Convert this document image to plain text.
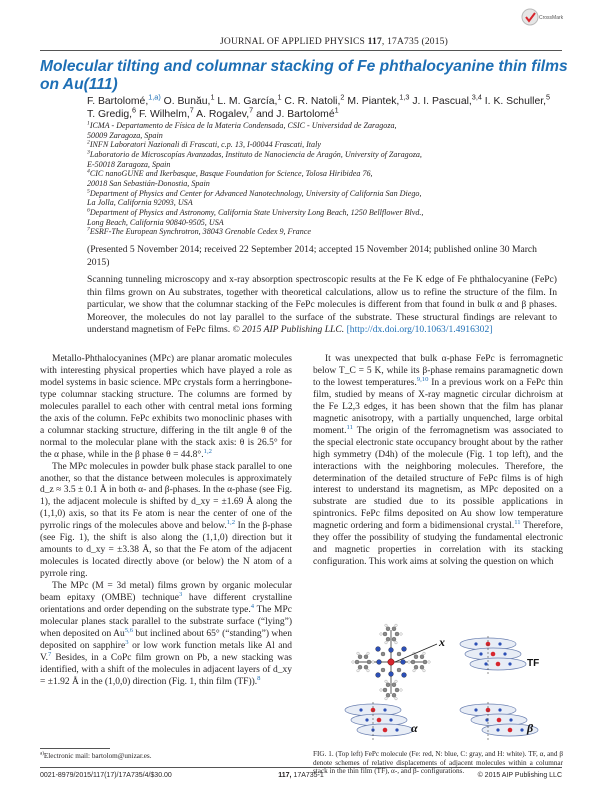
CrossMark
JOURNAL OF APPLIED PHYSICS 117, 17A735 (2015)
Molecular tilting and columnar stacking of Fe phthalocyanine thin films on Au(111)
F. Bartolomé,$^{1,a)}$ O. Bunău,$^1$ L. M. García,$^1$ C. R. Natoli,$^2$ M. Piantek,$^{1,3}$ J. I. Pascual,$^{3,4}$ I. K. Schuller,$^5$ T. Gredig,$^6$ F. Wilhelm,$^7$ A. Rogalev,$^7$ and J. Bartolomé$^1$
$^1$ICMA - Departamento de Física de la Materia Condensada, CSIC - Universidad de Zaragoza,
50009 Zaragoza, Spain
$^2$INFN Laboratori Nazionali di Frascati, c.p. 13, I-00044 Frascati, Italy
$^3$Laboratorio de Microscopías Avanzadas, Instituto de Nanociencia de Aragón, University of Zaragoza,
E-50018 Zaragoza, Spain
$^4$CIC nanoGUNE and Ikerbasque, Basque Foundation for Science, Tolosa Hiribidea 76,
20018 San Sebastián-Donostia, Spain
$^5$Department of Physics and Center for Advanced Nanotechnology, University of California San Diego,
La Jolla, California 92093, USA
$^6$Department of Physics and Astronomy, California State University Long Beach, 1250 Bellflower Blvd.,
Long Beach, California 90840-9505, USA
$^7$ESRF-The European Synchrotron, 38043 Grenoble Cedex 9, France
(Presented 5 November 2014; received 22 September 2014; accepted 15 November 2014; published online 30 March 2015)
Scanning tunneling microscopy and x-ray absorption spectroscopic results at the Fe K edge of Fe phthalocyanine (FePc) thin films grown on Au substrates, together with theoretical calculations, allow us to refine the structure of the film. In particular, we show that the columnar stacking of the FePc molecules is different from that found in bulk α and β phases. Moreover, the molecules do not lay parallel to the surface of the substrate. These structural findings are relevant to understand magnetism of FePc films. © 2015 AIP Publishing LLC. [http://dx.doi.org/10.1063/1.4916302]

Metallo-Phthalocyanines (MPc) are planar aromatic molecules with interesting physical properties which have played a role as model systems in basic science. MPc crystals form a herringbone-type columnar stacking structure. The columns are formed by molecules parallel to each other with central metal ions forming the axis of the column. FePc exhibits two monoclinic phases with a columnar stacking structure, differing in the tilt angle θ of the normal to the molecular plane with the stack axis: θ is 26.5° for the α phase, while in the β phase θ = 44.8°.$^{1,2}$

The MPc molecules in powder bulk phase stack parallel to one another, so that the distance between molecules is approximately d_z ≈ 3.5 ± 0.1 Å in both α- and β-phases. In the α-phase (see Fig. 1), the adjacent molecule is shifted by d_xy = ±1.69 Å along the (1,1,0) axis, so that its Fe atom is near the center of one of the pyrrolic rings of the molecules above and below.$^{1,2}$ In the β-phase (see Fig. 1), the shift is also along the (1,1,0) direction but it amounts to d_xy = ±3.38 Å, so that the Fe atom of the adjacent molecules is located directly above (or below) the N atom of a pyrrole ring.

The MPc (M = 3d metal) films grown by organic molecular beam epitaxy (OMBE) technique$^3$ have different crystalline orientations and order depending on the substrate type.$^4$ The MPc molecular planes stack parallel to the substrate surface (“lying”) when deposited on Au$^{5,6}$ but inclined about 65° (“standing”) when deposited on sapphire$^3$ or low work function metals like Al and V.$^7$ Besides, in a CoPc film grown on Pb, a new stacking was identified, with a shift of the molecules in adjacent layers of d_xy = ±1.92 Å in the (1,0,0) direction (Fig. 1, thin film (TF)).$^8$

It was unexpected that bulk α-phase FePc is ferromagnetic below T_C = 5 K, while its β-phase remains paramagnetic down to the lowest temperatures.$^{9,10}$ In a previous work on a FePc thin film, studied by means of X-ray magnetic circular dichroism at the Fe L2,3 edges, it has been shown that the film has planar magnetic anisotropy, with a partially unquenched, large orbital moment.$^{11}$ The origin of the ferromagnetism was associated to the special electronic state occupancy brought about by the rather high symmetry (D4h) of the molecule (Fig. 1 top left), and the interactions with the neighboring molecules. Therefore, the determination of the detailed structure of FePc films is of high interest to understand its magnetism, as MPc deposited on a substrate are studied due to its possible applications in spintronics. FePc films deposited on Au show low temperature magnetic ordering and form a bidimensional crystal.$^{11}$ Therefore, they offer the possibility of studying the fundamental electronic and magnetic properties in correlation with its stacking configuration. This work aims at solving the question on which

x
TF
α	β
FIG. 1. (Top left) FePc molecule (Fe: red, N: blue, C: gray, and H: white). TF, α, and β denote schemes of relative displacements of adjacent molecules within a columnar stack in the thin film (TF), α-, and β- configurations.
$^{a)}$Electronic mail: bartolom@unizar.es.
0021-8979/2015/117(17)/17A735/4/$30.00	117, 17A735-1	© 2015 AIP Publishing LLC
